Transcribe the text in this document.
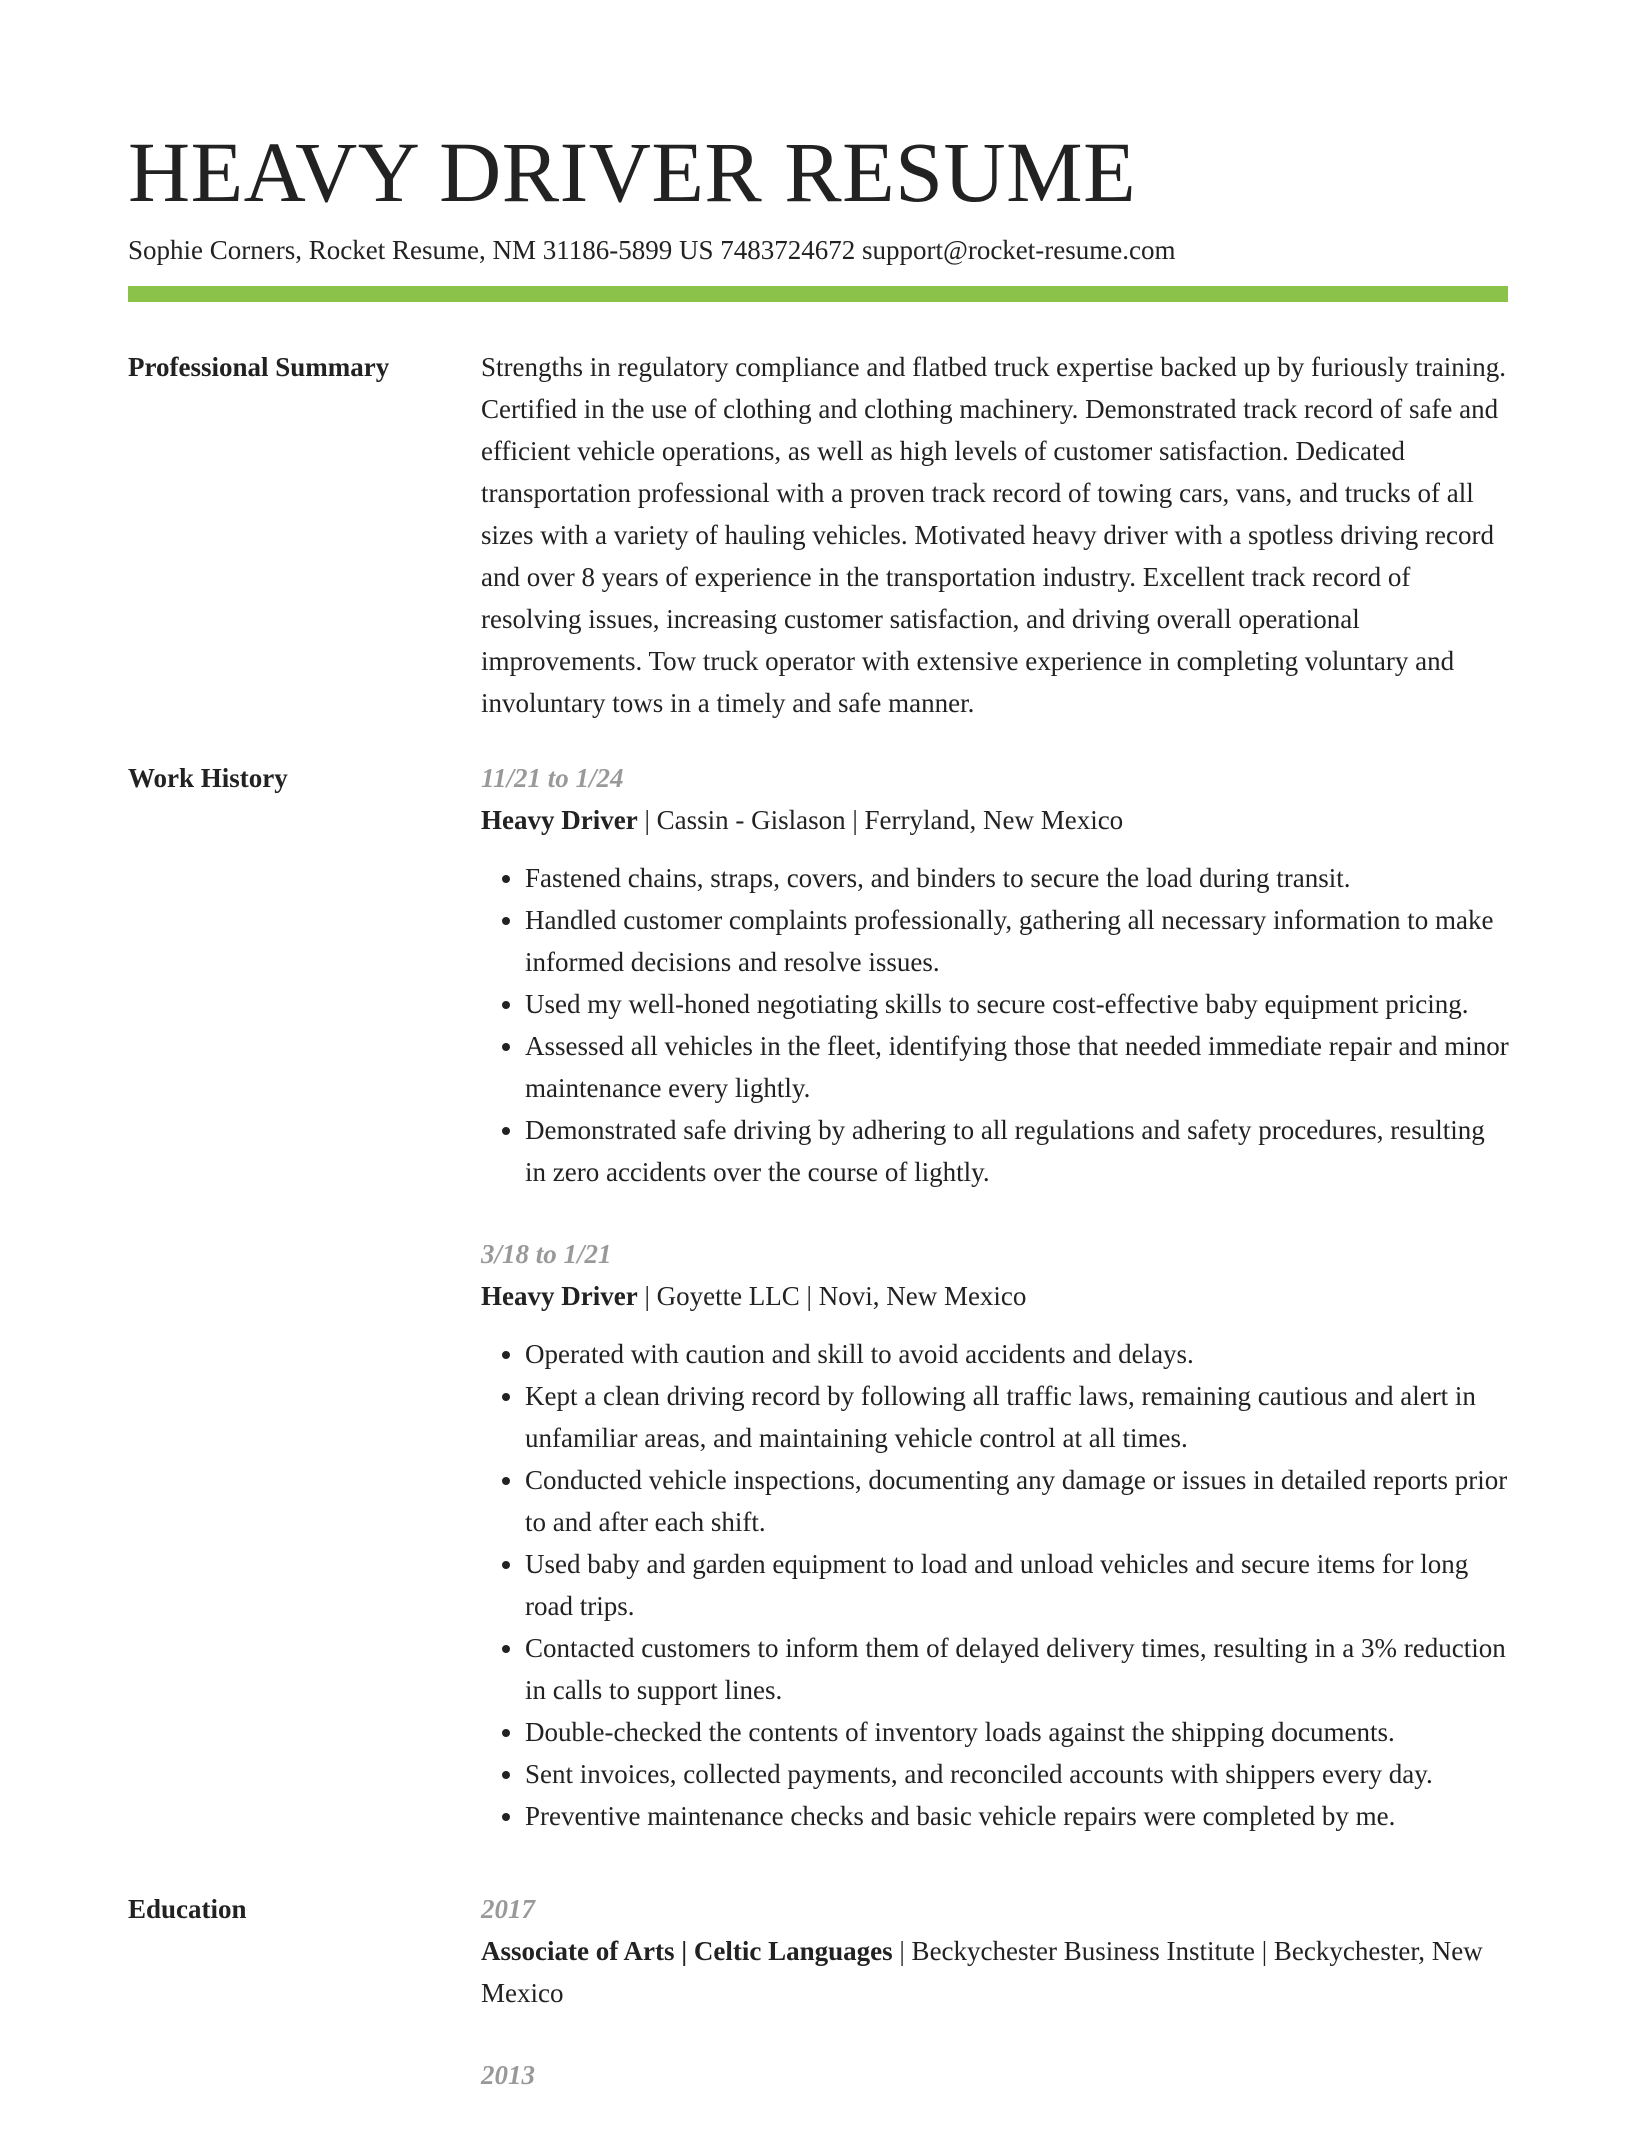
HEAVY DRIVER RESUME
Sophie Corners, Rocket Resume, NM 31186-5899 US 7483724672 support@rocket-resume.com
Professional Summary	Strengths in regulatory compliance and flatbed truck expertise backed up by furiously training. Certified in the use of clothing and clothing machinery. Demonstrated track record of safe and efficient vehicle operations, as well as high levels of customer satisfaction. Dedicated transportation professional with a proven track record of towing cars, vans, and trucks of all sizes with a variety of hauling vehicles. Motivated heavy driver with a spotless driving record and over 8 years of experience in the transportation industry. Excellent track record of resolving issues, increasing customer satisfaction, and driving overall operational improvements. Tow truck operator with extensive experience in completing voluntary and involuntary tows in a timely and safe manner.

Work History	11/21 to 1/24
Heavy Driver | Cassin - Gislason | Ferryland, New Mexico
• Fastened chains, straps, covers, and binders to secure the load during transit.
• Handled customer complaints professionally, gathering all necessary information to make informed decisions and resolve issues.
• Used my well-honed negotiating skills to secure cost-effective baby equipment pricing.
• Assessed all vehicles in the fleet, identifying those that needed immediate repair and minor maintenance every lightly.
• Demonstrated safe driving by adhering to all regulations and safety procedures, resulting in zero accidents over the course of lightly.
3/18 to 1/21
Heavy Driver | Goyette LLC | Novi, New Mexico
• Operated with caution and skill to avoid accidents and delays.
• Kept a clean driving record by following all traffic laws, remaining cautious and alert in unfamiliar areas, and maintaining vehicle control at all times.
• Conducted vehicle inspections, documenting any damage or issues in detailed reports prior to and after each shift.
• Used baby and garden equipment to load and unload vehicles and secure items for long road trips.
• Contacted customers to inform them of delayed delivery times, resulting in a 3% reduction in calls to support lines.
• Double-checked the contents of inventory loads against the shipping documents.
• Sent invoices, collected payments, and reconciled accounts with shippers every day.
• Preventive maintenance checks and basic vehicle repairs were completed by me.
Education	2017
Associate of Arts | Celtic Languages | Beckychester Business Institute | Beckychester, New Mexico
2013
